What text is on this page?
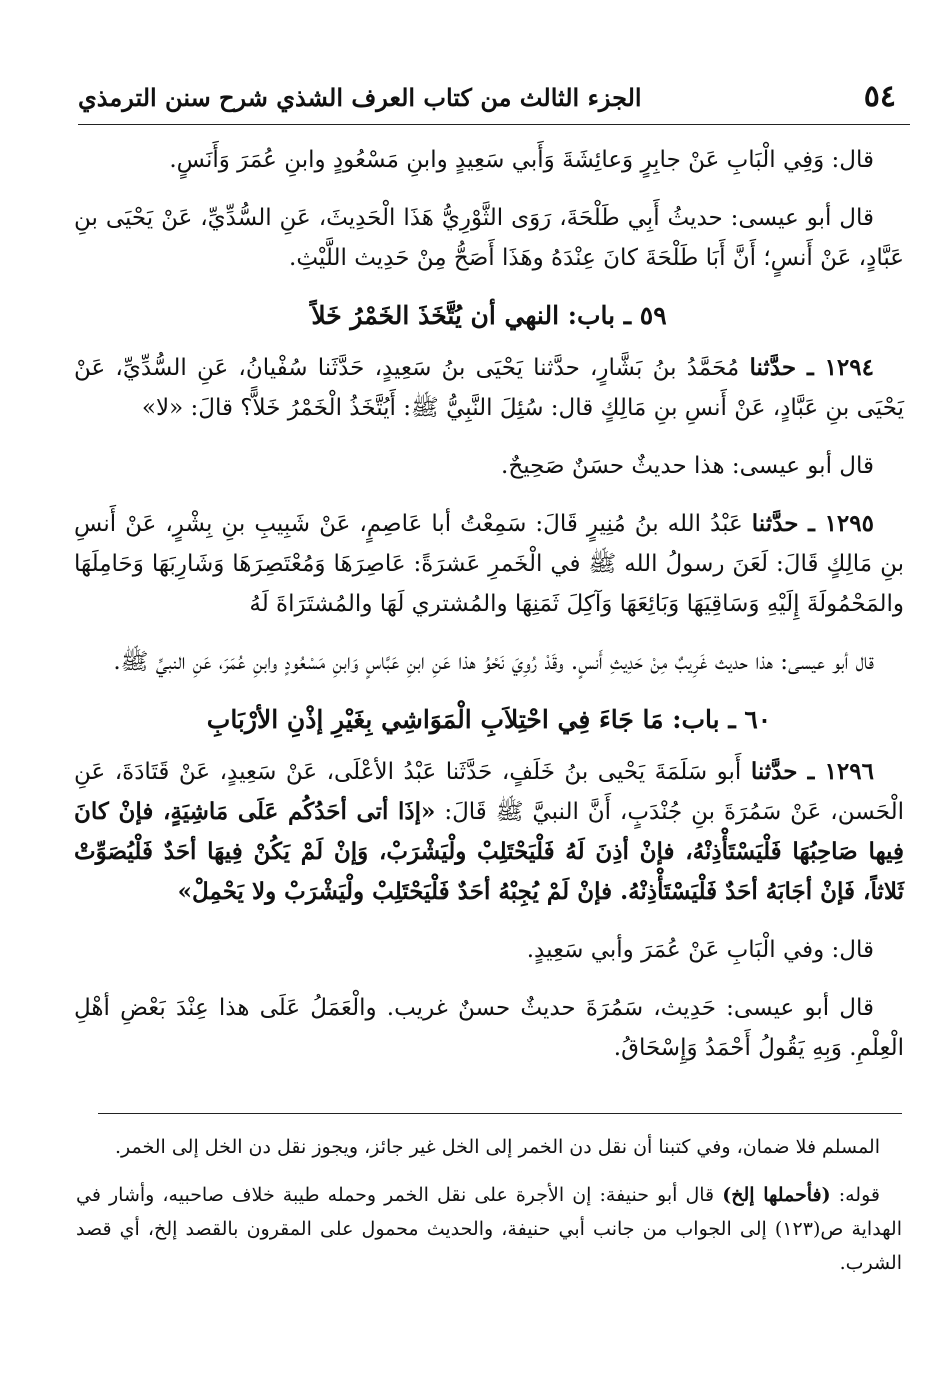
٥٤
الجزء الثالث من كتاب العرف الشذي شرح سنن الترمذي

قال: وَفِي الْبَابِ عَنْ جابِرٍ وَعائِشَةَ وَأَبي سَعِيدٍ وابنِ مَسْعُودٍ وابنِ عُمَرَ وَأَنَسٍ.

قال أبو عيسى: حديثُ أَبِي طَلْحَةَ، رَوَى الثَّوْرِيُّ هَذَا الْحَدِيثَ، عَنِ السُّدِّيِّ، عَنْ يَحْيَى بنِ عَبَّادٍ، عَنْ أَنسٍ؛ أَنَّ أَبَا طَلْحَةَ كانَ عِنْدَهُ وهَذَا أَصَحُّ مِنْ حَدِيث اللَّيْثِ.

٥٩ ـ باب: النهي أن يُتَّخَذَ الخَمْرُ خَلاً

١٢٩٤ ـ حدَّثنا مُحَمَّدُ بنُ بَشَّارٍ، حدَّثنا يَحْيَى بنُ سَعِيدٍ، حَدَّثَنا سُفْيانُ، عَنِ السُّدِّيِّ، عَنْ يَحْيَى بنِ عَبَّادٍ، عَنْ أَنسِ بنِ مَالِكٍ قال: سُئِلَ النَّبِيُّ ﷺ: أَيُتَّخَذُ الْخَمْرُ خَلاًّ؟ قالَ: «لا»

قال أبو عيسى: هذا حديثٌ حسَنٌ صَحِيحٌ.

١٢٩٥ ـ حدَّثنا عَبْدُ الله بنُ مُنِيرٍ قَالَ: سَمِعْتُ أبا عَاصِمٍ، عَنْ شَبِيبِ بنِ بِشْرٍ، عَنْ أَنسِ بنِ مَالِكٍ قَالَ: لَعَنَ رسولُ الله ﷺ في الْخَمرِ عَشرَةً: عَاصِرَهَا وَمُعْتَصِرَهَا وَشَارِبَهَا وَحَامِلَهَا والمَحْمُولَةَ إِلَيْهِ وَسَاقِيَهَا وَبَائِعَهَا وَآكِلَ ثَمَنِهَا والمُشتري لَهَا والمُشتَرَاةَ لَهُ

قال أبو عيسى: هذا حديث غَرِيبٌ مِنْ حَدِيثِ أَنسٍ. وقَدْ رُوِيَ نَحْوُ هذا عَنِ ابنِ عَبَّاسٍ وَابنِ مَسْعُودٍ وابنِ عُمَرَ، عَنِ النبيِّ ﷺ.

٦٠ ـ باب: مَا جَاءَ فِي احْتِلاَبِ الْمَوَاشِي بِغَيْرِ إذْنِ الأرْبَابِ

١٢٩٦ ـ حدَّثنا أَبو سَلَمَةَ يَحْيى بنُ خَلَفٍ، حَدَّثَنا عَبْدُ الأعْلَى، عَنْ سَعِيدٍ، عَنْ قَتَادَةَ، عَنِ الْحَسن، عَنْ سَمُرَةَ بنِ جُنْدَبٍ، أَنَّ النبيَّ ﷺ قَالَ: «إذَا أتى أحَدُكُم عَلَى مَاشِيَةٍ، فإنْ كانَ فِيها صَاحِبُهَا فَلْيَسْتَأْذِنْهُ، فإنْ أذِنَ لَهُ فَلْيَحْتَلِبْ ولْيَشْرَبْ، وَإنْ لَمْ يَكُنْ فِيهَا أحَدٌ فَلْيُصَوِّتْ ثَلاثاً، فَإنْ أجَابَهُ أحَدٌ فَلْيَسْتَأْذِنْهُ. فإنْ لَمْ يُجِبْهُ أحَدٌ فَلْيَحْتَلِبْ ولْيَشْرَبْ ولا يَحْمِلْ»

قال: وفي الْبَابِ عَنْ عُمَرَ وأبي سَعِيدٍ.

قال أبو عيسى: حَدِيث، سَمُرَةَ حديثٌ حسنٌ غريب. والْعَمَلُ عَلَى هذا عِنْدَ بَعْضِ أهْلِ الْعِلْمِ. وَبِهِ يَقُولُ أَحْمَدُ وَإِسْحَاقُ.

المسلم فلا ضمان، وفي كتبنا أن نقل دن الخمر إلى الخل غير جائز، ويجوز نقل دن الخل إلى الخمر.

قوله: (فأحملها إلخ) قال أبو حنيفة: إن الأجرة على نقل الخمر وحمله طيبة خلاف صاحبيه، وأشار في الهداية ص(١٢٣) إلى الجواب من جانب أبي حنيفة، والحديث محمول على المقرون بالقصد إلخ، أي قصد الشرب.
